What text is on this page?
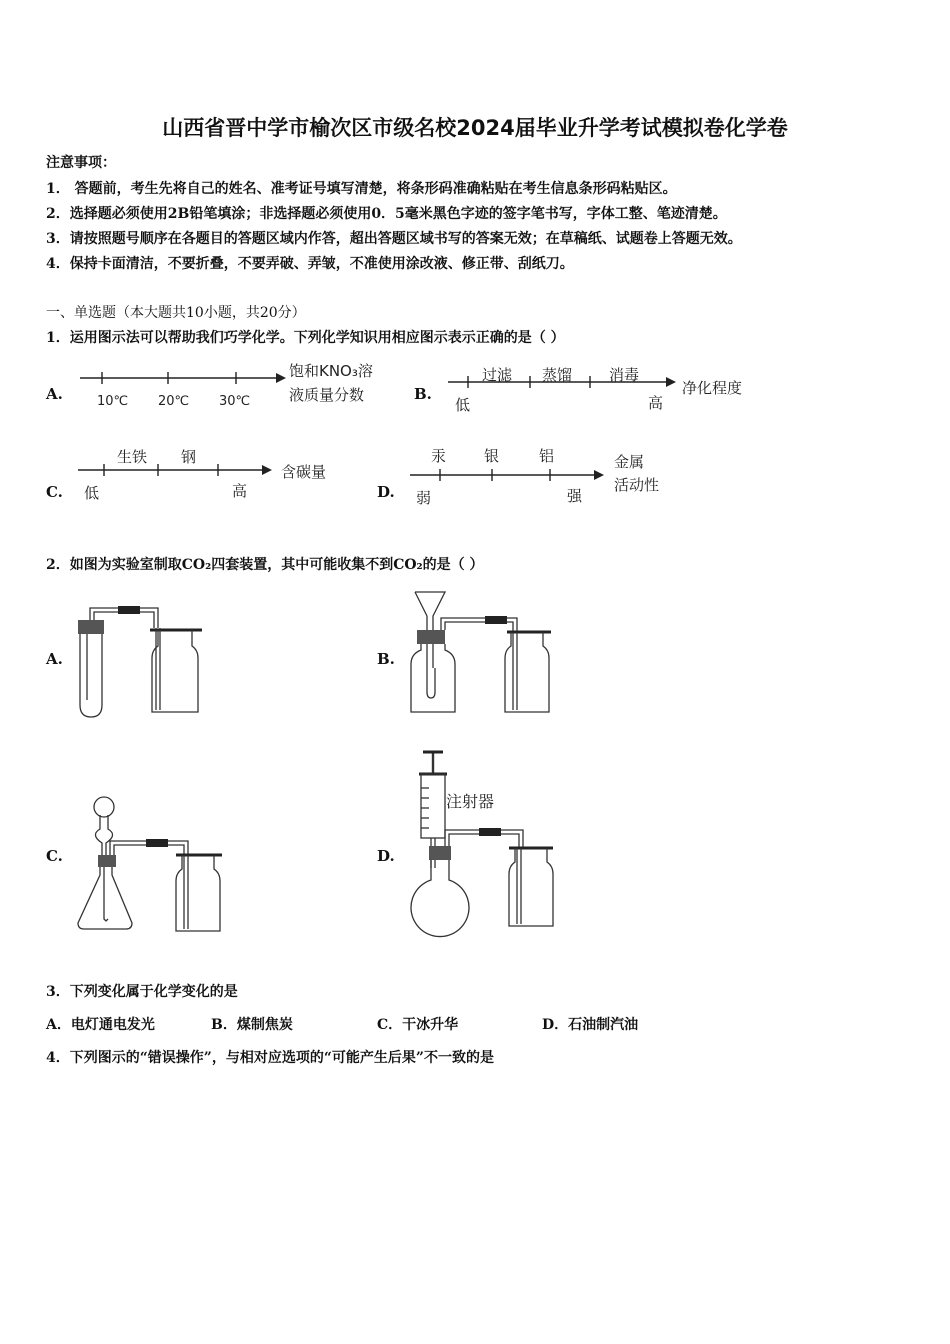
山西省晋中学市榆次区市级名校2024届毕业升学考试模拟卷化学卷
注意事项：
1． 答题前，考生先将自己的姓名、准考证号填写清楚，将条形码准确粘贴在考生信息条形码粘贴区。
2．选择题必须使用2B铅笔填涂；非选择题必须使用0．5毫米黑色字迹的签字笔书写，字体工整、笔迹清楚。
3．请按照题号顺序在各题目的答题区域内作答，超出答题区域书写的答案无效；在草稿纸、试题卷上答题无效。
4．保持卡面清洁，不要折叠，不要弄破、弄皱，不准使用涂改液、修正带、刮纸刀。
一、单选题（本大题共10小题，共20分）
1．运用图示法可以帮助我们巧学化学。下列化学知识用相应图示表示正确的是（ ）
A.	10℃ 20℃ 30℃
饱和KNO₃溶
液质量分数	B.
过滤 蒸馏 消毒
低	高
净化程度
C.
生铁 钢
低	高
含碳量
D.
汞	银	铝
弱	强
金属
活动性
2．如图为实验室制取CO₂四套装置，其中可能收集不到CO₂的是（ ）
A.	B.
C.	D.
注射器
3．下列变化属于化学变化的是
A．电灯通电发光	B．煤制焦炭	C．干冰升华	D．石油制汽油
4．下列图示的“错误操作”，与相对应选项的“可能产生后果”不一致的是
